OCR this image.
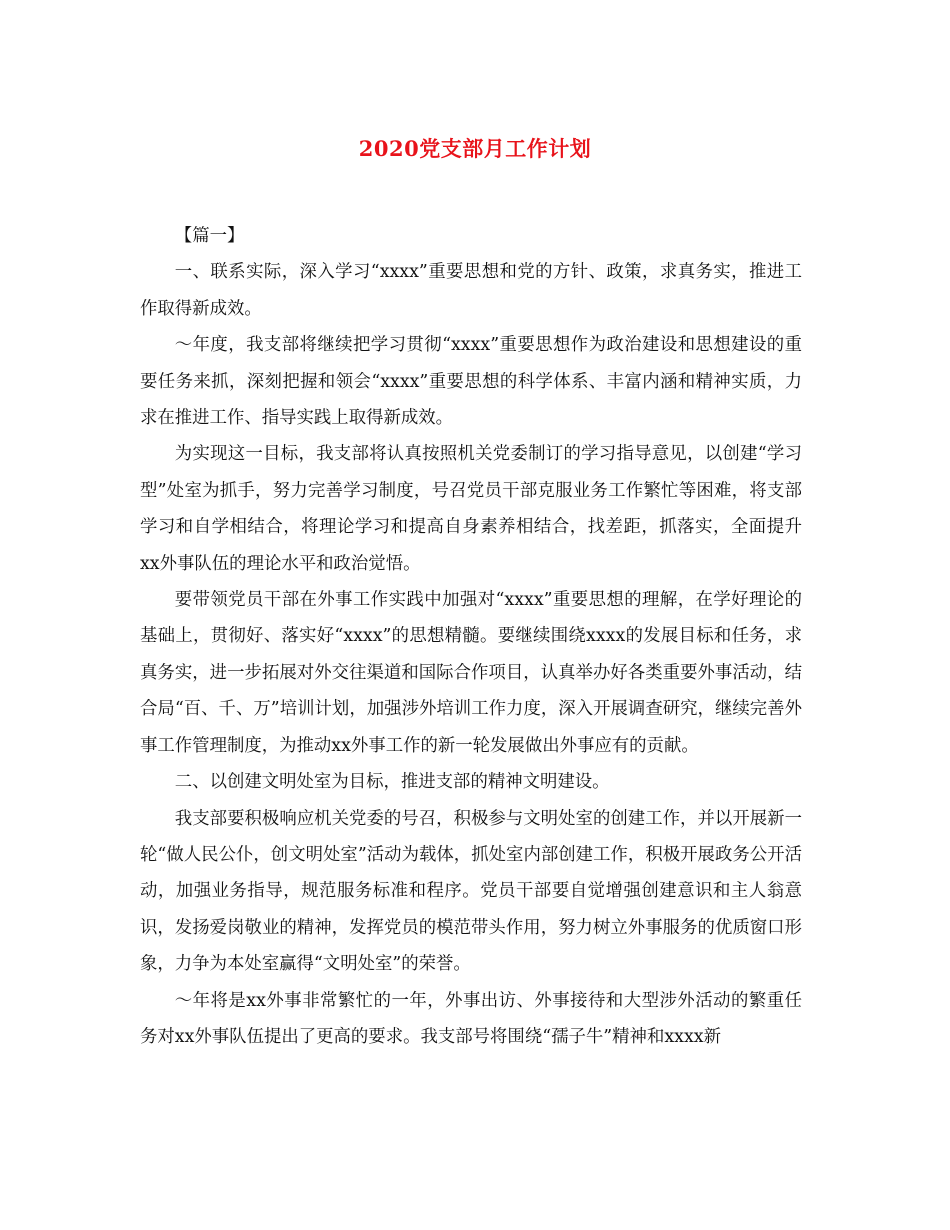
2020党支部月工作计划

【篇一】

一、联系实际，深入学习“xxxx”重要思想和党的方针、政策，求真务实，推进工作取得新成效。

～年度，我支部将继续把学习贯彻“xxxx”重要思想作为政治建设和思想建设的重要任务来抓，深刻把握和领会“xxxx”重要思想的科学体系、丰富内涵和精神实质，力求在推进工作、指导实践上取得新成效。

为实现这一目标，我支部将认真按照机关党委制订的学习指导意见，以创建“学习型”处室为抓手，努力完善学习制度，号召党员干部克服业务工作繁忙等困难，将支部学习和自学相结合，将理论学习和提高自身素养相结合，找差距，抓落实，全面提升xx外事队伍的理论水平和政治觉悟。

要带领党员干部在外事工作实践中加强对“xxxx”重要思想的理解，在学好理论的基础上，贯彻好、落实好“xxxx”的思想精髓。要继续围绕xxxx的发展目标和任务，求真务实，进一步拓展对外交往渠道和国际合作项目，认真举办好各类重要外事活动，结合局“百、千、万”培训计划，加强涉外培训工作力度，深入开展调查研究，继续完善外事工作管理制度，为推动xx外事工作的新一轮发展做出外事应有的贡献。

二、以创建文明处室为目标，推进支部的精神文明建设。

我支部要积极响应机关党委的号召，积极参与文明处室的创建工作，并以开展新一轮“做人民公仆，创文明处室”活动为载体，抓处室内部创建工作，积极开展政务公开活动，加强业务指导，规范服务标准和程序。党员干部要自觉增强创建意识和主人翁意识，发扬爱岗敬业的精神，发挥党员的模范带头作用，努力树立外事服务的优质窗口形象，力争为本处室赢得“文明处室”的荣誉。

～年将是xx外事非常繁忙的一年，外事出访、外事接待和大型涉外活动的繁重任务对xx外事队伍提出了更高的要求。我支部号将围绕“孺子牛”精神和xxxx新
